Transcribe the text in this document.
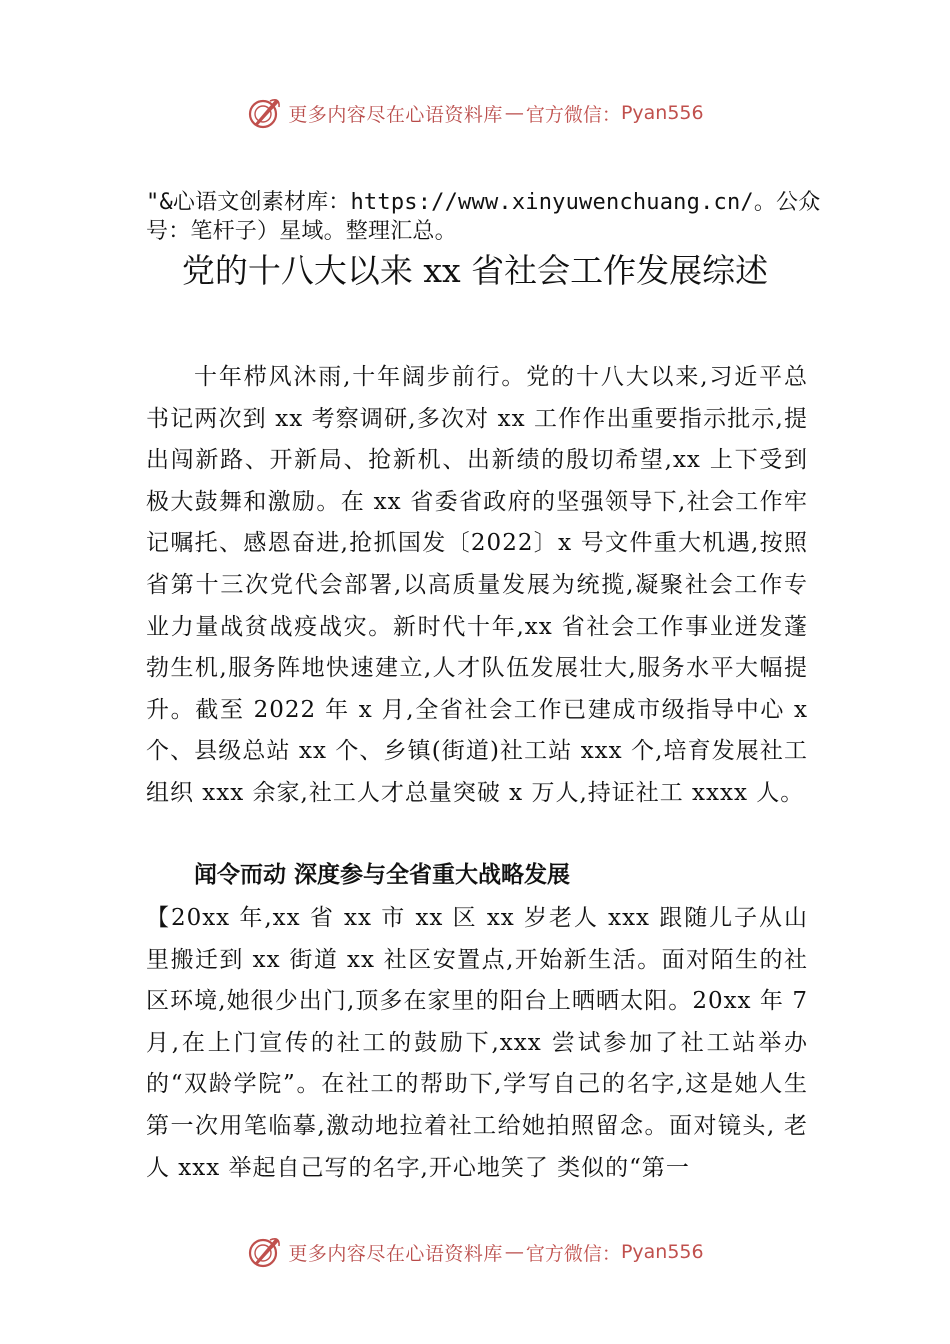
更多内容尽在心语资料库 — 官方微信： Pyan556
"&心语文创素材库：https://www.xinyuwenchuang.cn/。公众号：笔杆子）星域。整理汇总。
党的十八大以来 xx 省社会工作发展综述
十年栉风沐雨,十年阔步前行。党的十八大以来,习近平总书记两次到 xx 考察调研,多次对 xx 工作作出重要指示批示,提出闯新路、开新局、抢新机、出新绩的殷切希望,xx 上下受到极大鼓舞和激励。在 xx 省委省政府的坚强领导下,社会工作牢记嘱托、感恩奋进,抢抓国发〔2022〕x 号文件重大机遇,按照省第十三次党代会部署,以高质量发展为统揽,凝聚社会工作专业力量战贫战疫战灾。新时代十年,xx 省社会工作事业迸发蓬勃生机,服务阵地快速建立,人才队伍发展壮大,服务水平大幅提升。截至 2022 年 x 月,全省社会工作已建成市级指导中心 x 个、县级总站 xx 个、乡镇(街道)社工站 xxx 个,培育发展社工组织 xxx 余家,社工人才总量突破 x 万人,持证社工 xxxx 人。
闻令而动 深度参与全省重大战略发展
【20xx 年,xx 省 xx 市 xx 区 xx 岁老人 xxx 跟随儿子从山里搬迁到 xx 街道 xx 社区安置点,开始新生活。面对陌生的社区环境,她很少出门,顶多在家里的阳台上晒晒太阳。20xx 年 7 月,在上门宣传的社工的鼓励下,xxx 尝试参加了社工站举办的“双龄学院”。在社工的帮助下,学写自己的名字,这是她人生第一次用笔临摹,激动地拉着社工给她拍照留念。面对镜头, 老人 xxx 举起自己写的名字,开心地笑了 类似的“第一
更多内容尽在心语资料库 — 官方微信： Pyan556
